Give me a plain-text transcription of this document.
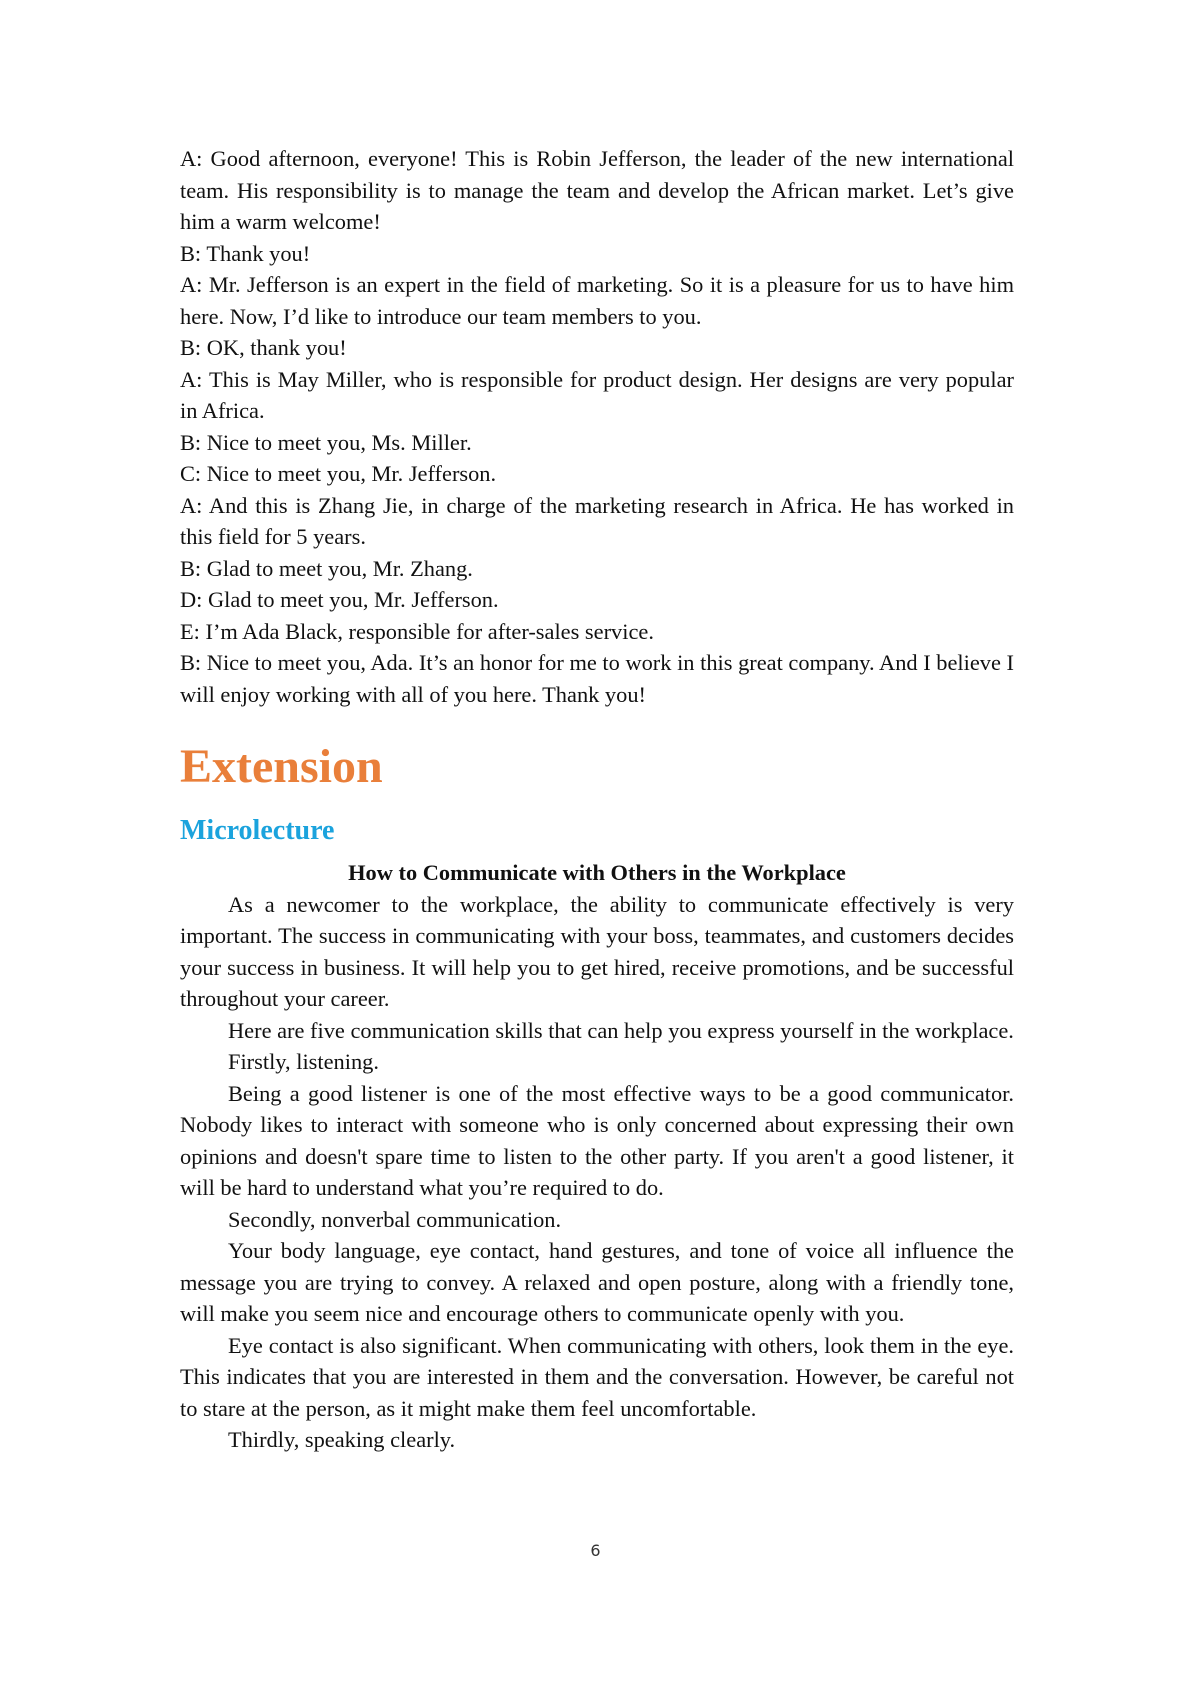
A: Good afternoon, everyone! This is Robin Jefferson, the leader of the new international team. His responsibility is to manage the team and develop the African market. Let’s give him a warm welcome!

B: Thank you!

A: Mr. Jefferson is an expert in the field of marketing. So it is a pleasure for us to have him here. Now, I’d like to introduce our team members to you.

B: OK, thank you!

A: This is May Miller, who is responsible for product design. Her designs are very popular in Africa.

B: Nice to meet you, Ms. Miller.

C: Nice to meet you, Mr. Jefferson.

A: And this is Zhang Jie, in charge of the marketing research in Africa. He has worked in this field for 5 years.

B: Glad to meet you, Mr. Zhang.

D: Glad to meet you, Mr. Jefferson.

E: I’m Ada Black, responsible for after-sales service.

B: Nice to meet you, Ada. It’s an honor for me to work in this great company. And I believe I will enjoy working with all of you here. Thank you!

Extension
Microlecture

How to Communicate with Others in the Workplace

As a newcomer to the workplace, the ability to communicate effectively is very important. The success in communicating with your boss, teammates, and customers decides your success in business. It will help you to get hired, receive promotions, and be successful throughout your career.

Here are five communication skills that can help you express yourself in the workplace.

Firstly, listening.

Being a good listener is one of the most effective ways to be a good communicator. Nobody likes to interact with someone who is only concerned about expressing their own opinions and doesn't spare time to listen to the other party. If you aren't a good listener, it will be hard to understand what you’re required to do.

Secondly, nonverbal communication.

Your body language, eye contact, hand gestures, and tone of voice all influence the message you are trying to convey. A relaxed and open posture, along with a friendly tone, will make you seem nice and encourage others to communicate openly with you.

Eye contact is also significant. When communicating with others, look them in the eye. This indicates that you are interested in them and the conversation. However, be careful not to stare at the person, as it might make them feel uncomfortable.

Thirdly, speaking clearly.

6
